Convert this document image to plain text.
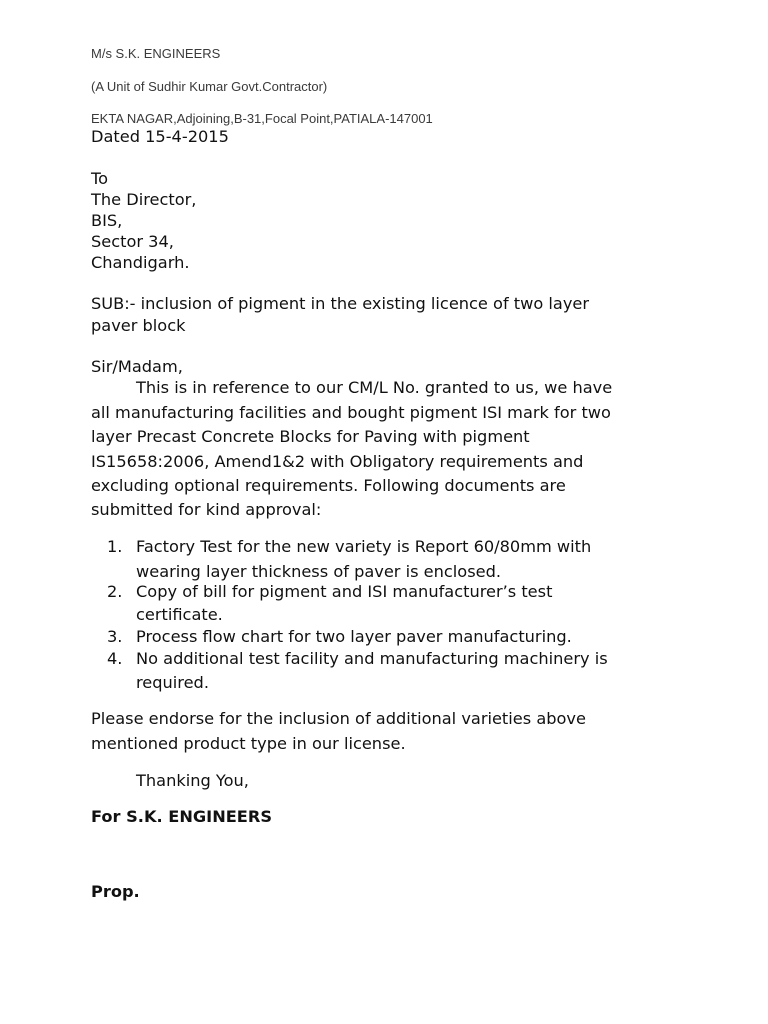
M/s S.K. ENGINEERS
(A Unit of Sudhir Kumar Govt.Contractor)
EKTA NAGAR,Adjoining,B-31,Focal Point,PATIALA-147001
Dated 15-4-2015
To
The Director,
BIS,
Sector 34,
Chandigarh.
SUB:- inclusion of pigment in the existing licence of two layer
paver block
Sir/Madam,
This is in reference to our CM/L No. granted to us, we have
all manufacturing facilities and bought pigment ISI mark for two
layer Precast Concrete Blocks for Paving with pigment
IS15658:2006, Amend1&2 with Obligatory requirements and
excluding optional requirements. Following documents are
submitted for kind approval:
1. Factory Test for the new variety is Report 60/80mm with
wearing layer thickness of paver is enclosed.
2. Copy of bill for pigment and ISI manufacturer’s test
certificate.
3. Process flow chart for two layer paver manufacturing.
4. No additional test facility and manufacturing machinery is
required.
Please endorse for the inclusion of additional varieties above
mentioned product type in our license.
Thanking You,
For S.K. ENGINEERS
Prop.
